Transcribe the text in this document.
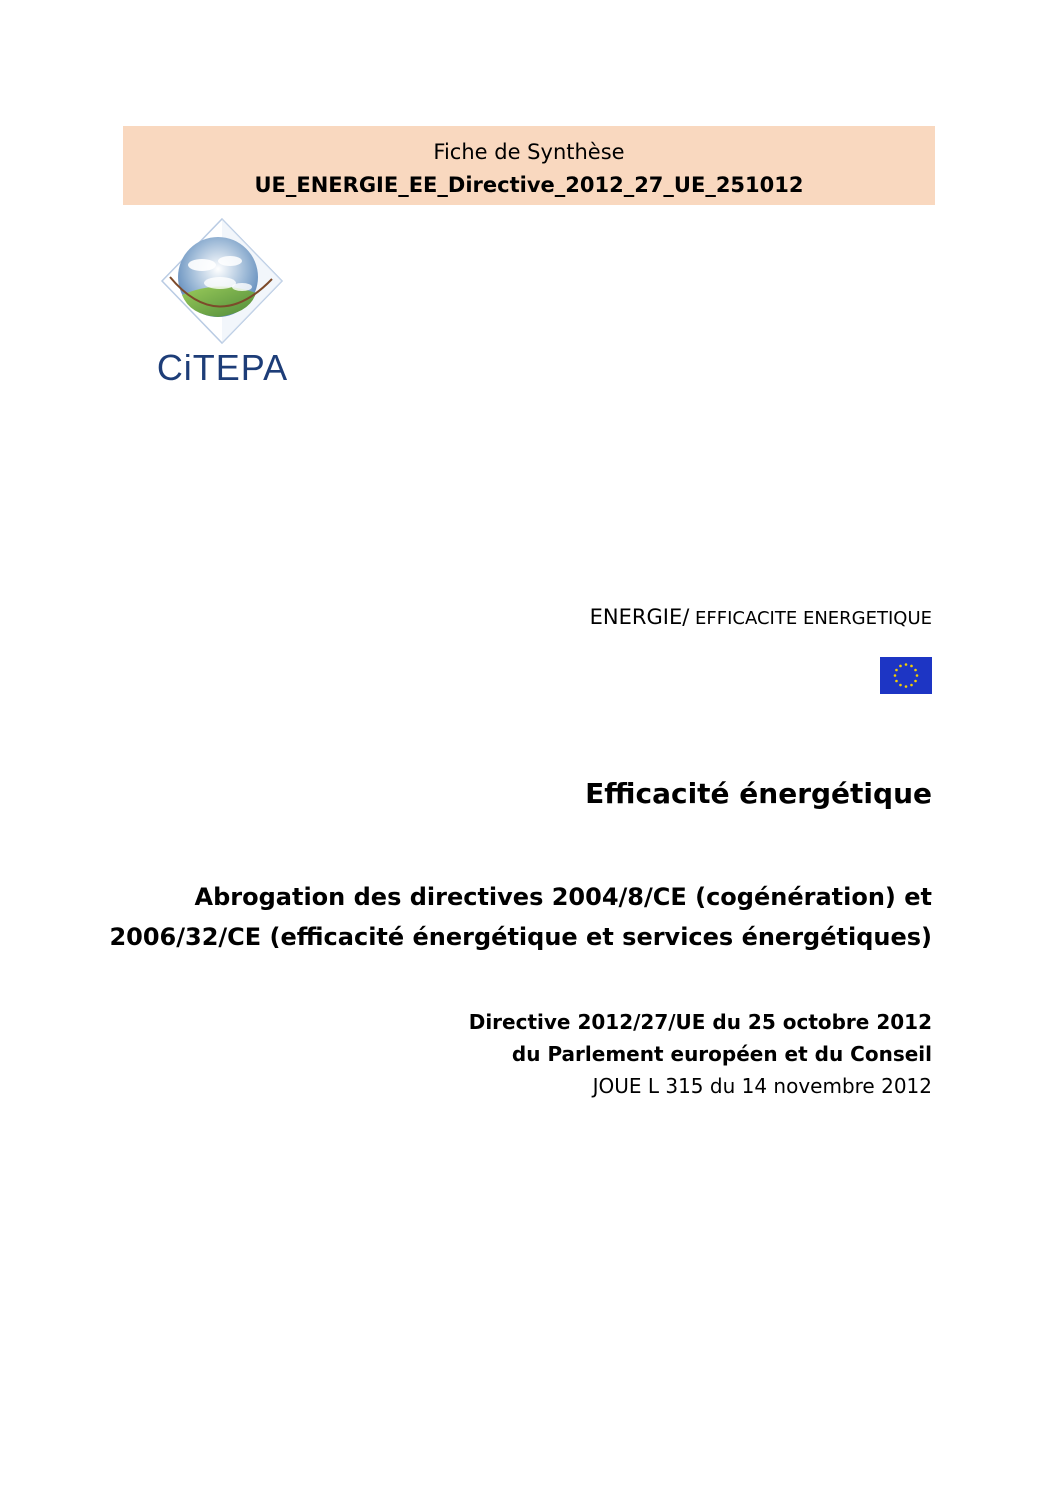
Fiche de Synthèse
UE_ENERGIE_EE_Directive_2012_27_UE_251012
CiTEPA
ENERGIE/ EFFICACITE ENERGETIQUE
Efficacité énergétique
Abrogation des directives 2004/8/CE (cogénération) et
2006/32/CE (efficacité énergétique et services énergétiques)
Directive 2012/27/UE du 25 octobre 2012
du Parlement européen et du Conseil
JOUE L 315 du 14 novembre 2012
